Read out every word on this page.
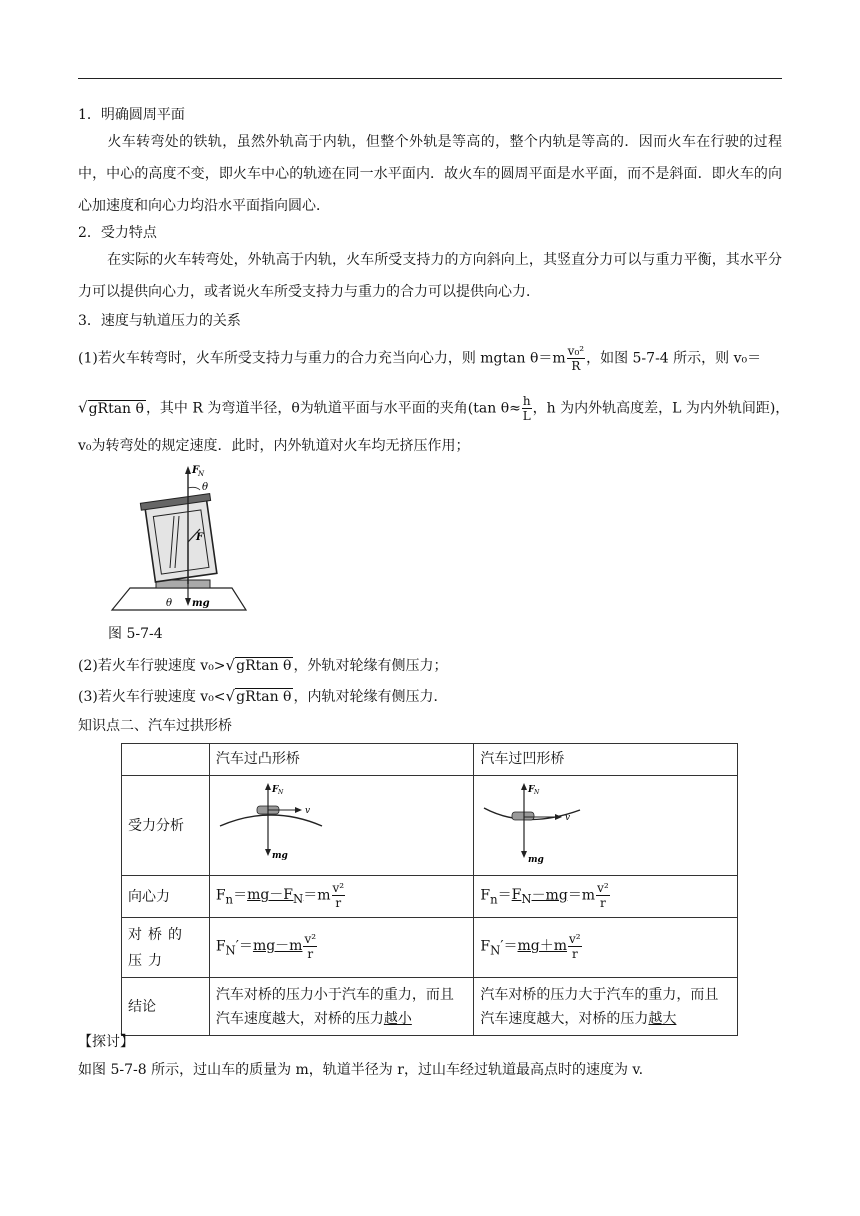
1．明确圆周平面
火车转弯处的铁轨，虽然外轨高于内轨，但整个外轨是等高的，整个内轨是等高的．因而火车在行驶的过程中，中心的高度不变，即火车中心的轨迹在同一水平面内．故火车的圆周平面是水平面，而不是斜面．即火车的向心加速度和向心力均沿水平面指向圆心．
2．受力特点
在实际的火车转弯处，外轨高于内轨，火车所受支持力的方向斜向上，其竖直分力可以与重力平衡，其水平分力可以提供向心力，或者说火车所受支持力与重力的合力可以提供向心力．
3．速度与轨道压力的关系
(1)若火车转弯时，火车所受支持力与重力的合力充当向心力，则 mgtan $\theta=m \frac{\text{v₀²}}{R}$ ，如图 5-7-4 所示，则 v₀＝
√gRtan θ ，其中 R 为弯道半径，θ为轨道平面与水平面的夹角(tan $\theta\approx \frac{h}{L}$ ，h 为内外轨高度差，L 为内外轨间距)，
v₀为转弯处的规定速度．此时，内外轨道对火车均无挤压作用；
F
N
θ
F
θ mg
图 5-7-4
(2)若火车行驶速度 v₀>√gRtan θ ，外轨对轮缘有侧压力；
(3)若火车行驶速度 v₀<√gRtan θ ，内轨对轮缘有侧压力．
知识点二、汽车过拱形桥
	汽车过凸形桥	汽车过凹形桥
受力分析	F N
v
mg	F N
v
mg

向心力	$F_n=mg-F_N=m \frac{\text{v²}}{r}$	$F_n=F_N-mg=m \frac{\text{v²}}{r}$

对桥的压力	$F_N'=mg-m \frac{\text{v²}}{r}$	$F_N'=mg+m \frac{\text{v²}}{r}$

结论	汽车对桥的压力小于汽车的重力，而且汽车速度越大，对桥的压力越小	汽车对桥的压力大于汽车的重力，而且汽车速度越大，对桥的压力越大
【探讨】
如图 5-7-8 所示，过山车的质量为 m，轨道半径为 r，过山车经过轨道最高点时的速度为 v.
